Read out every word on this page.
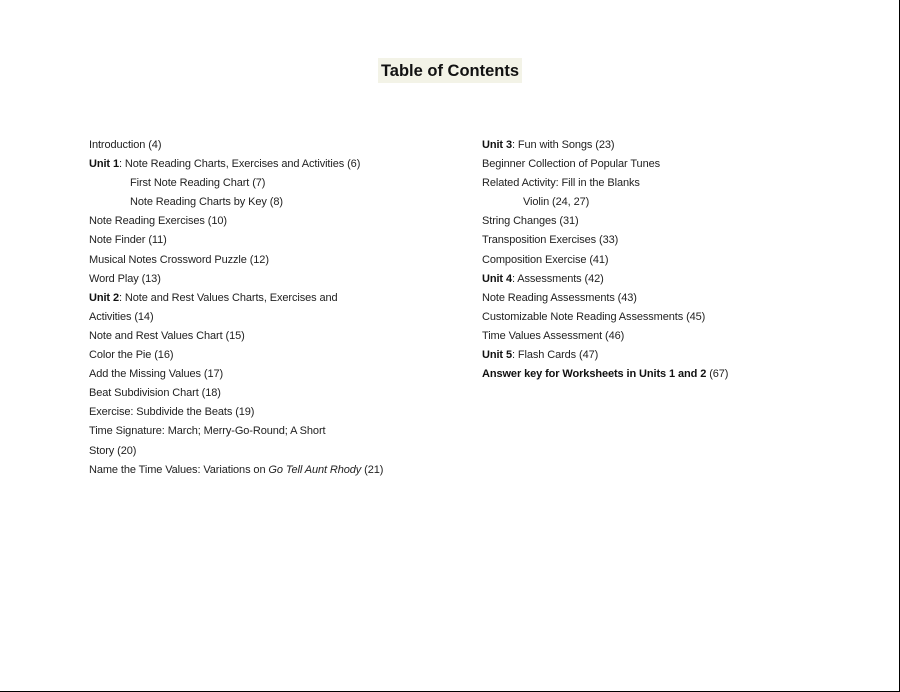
Table of Contents
Introduction (4)
Unit 1: Note Reading Charts, Exercises and Activities (6)
First Note Reading Chart (7)
Note Reading Charts by Key (8)
Note Reading Exercises (10)
Note Finder (11)
Musical Notes Crossword Puzzle (12)
Word Play (13)
Unit 2: Note and Rest Values Charts, Exercises and
Activities (14)
Note and Rest Values Chart (15)
Color the Pie (16)
Add the Missing Values (17)
Beat Subdivision Chart (18)
Exercise: Subdivide the Beats (19)
Time Signature: March; Merry-Go-Round; A Short
Story (20)
Name the Time Values: Variations on Go Tell Aunt Rhody (21)
Unit 3: Fun with Songs (23)
Beginner Collection of Popular Tunes
Related Activity: Fill in the Blanks
Violin (24, 27)
String Changes (31)
Transposition Exercises (33)
Composition Exercise (41)
Unit 4: Assessments (42)
Note Reading Assessments (43)
Customizable Note Reading Assessments (45)
Time Values Assessment (46)
Unit 5: Flash Cards (47)
Answer key for Worksheets in Units 1 and 2 (67)
